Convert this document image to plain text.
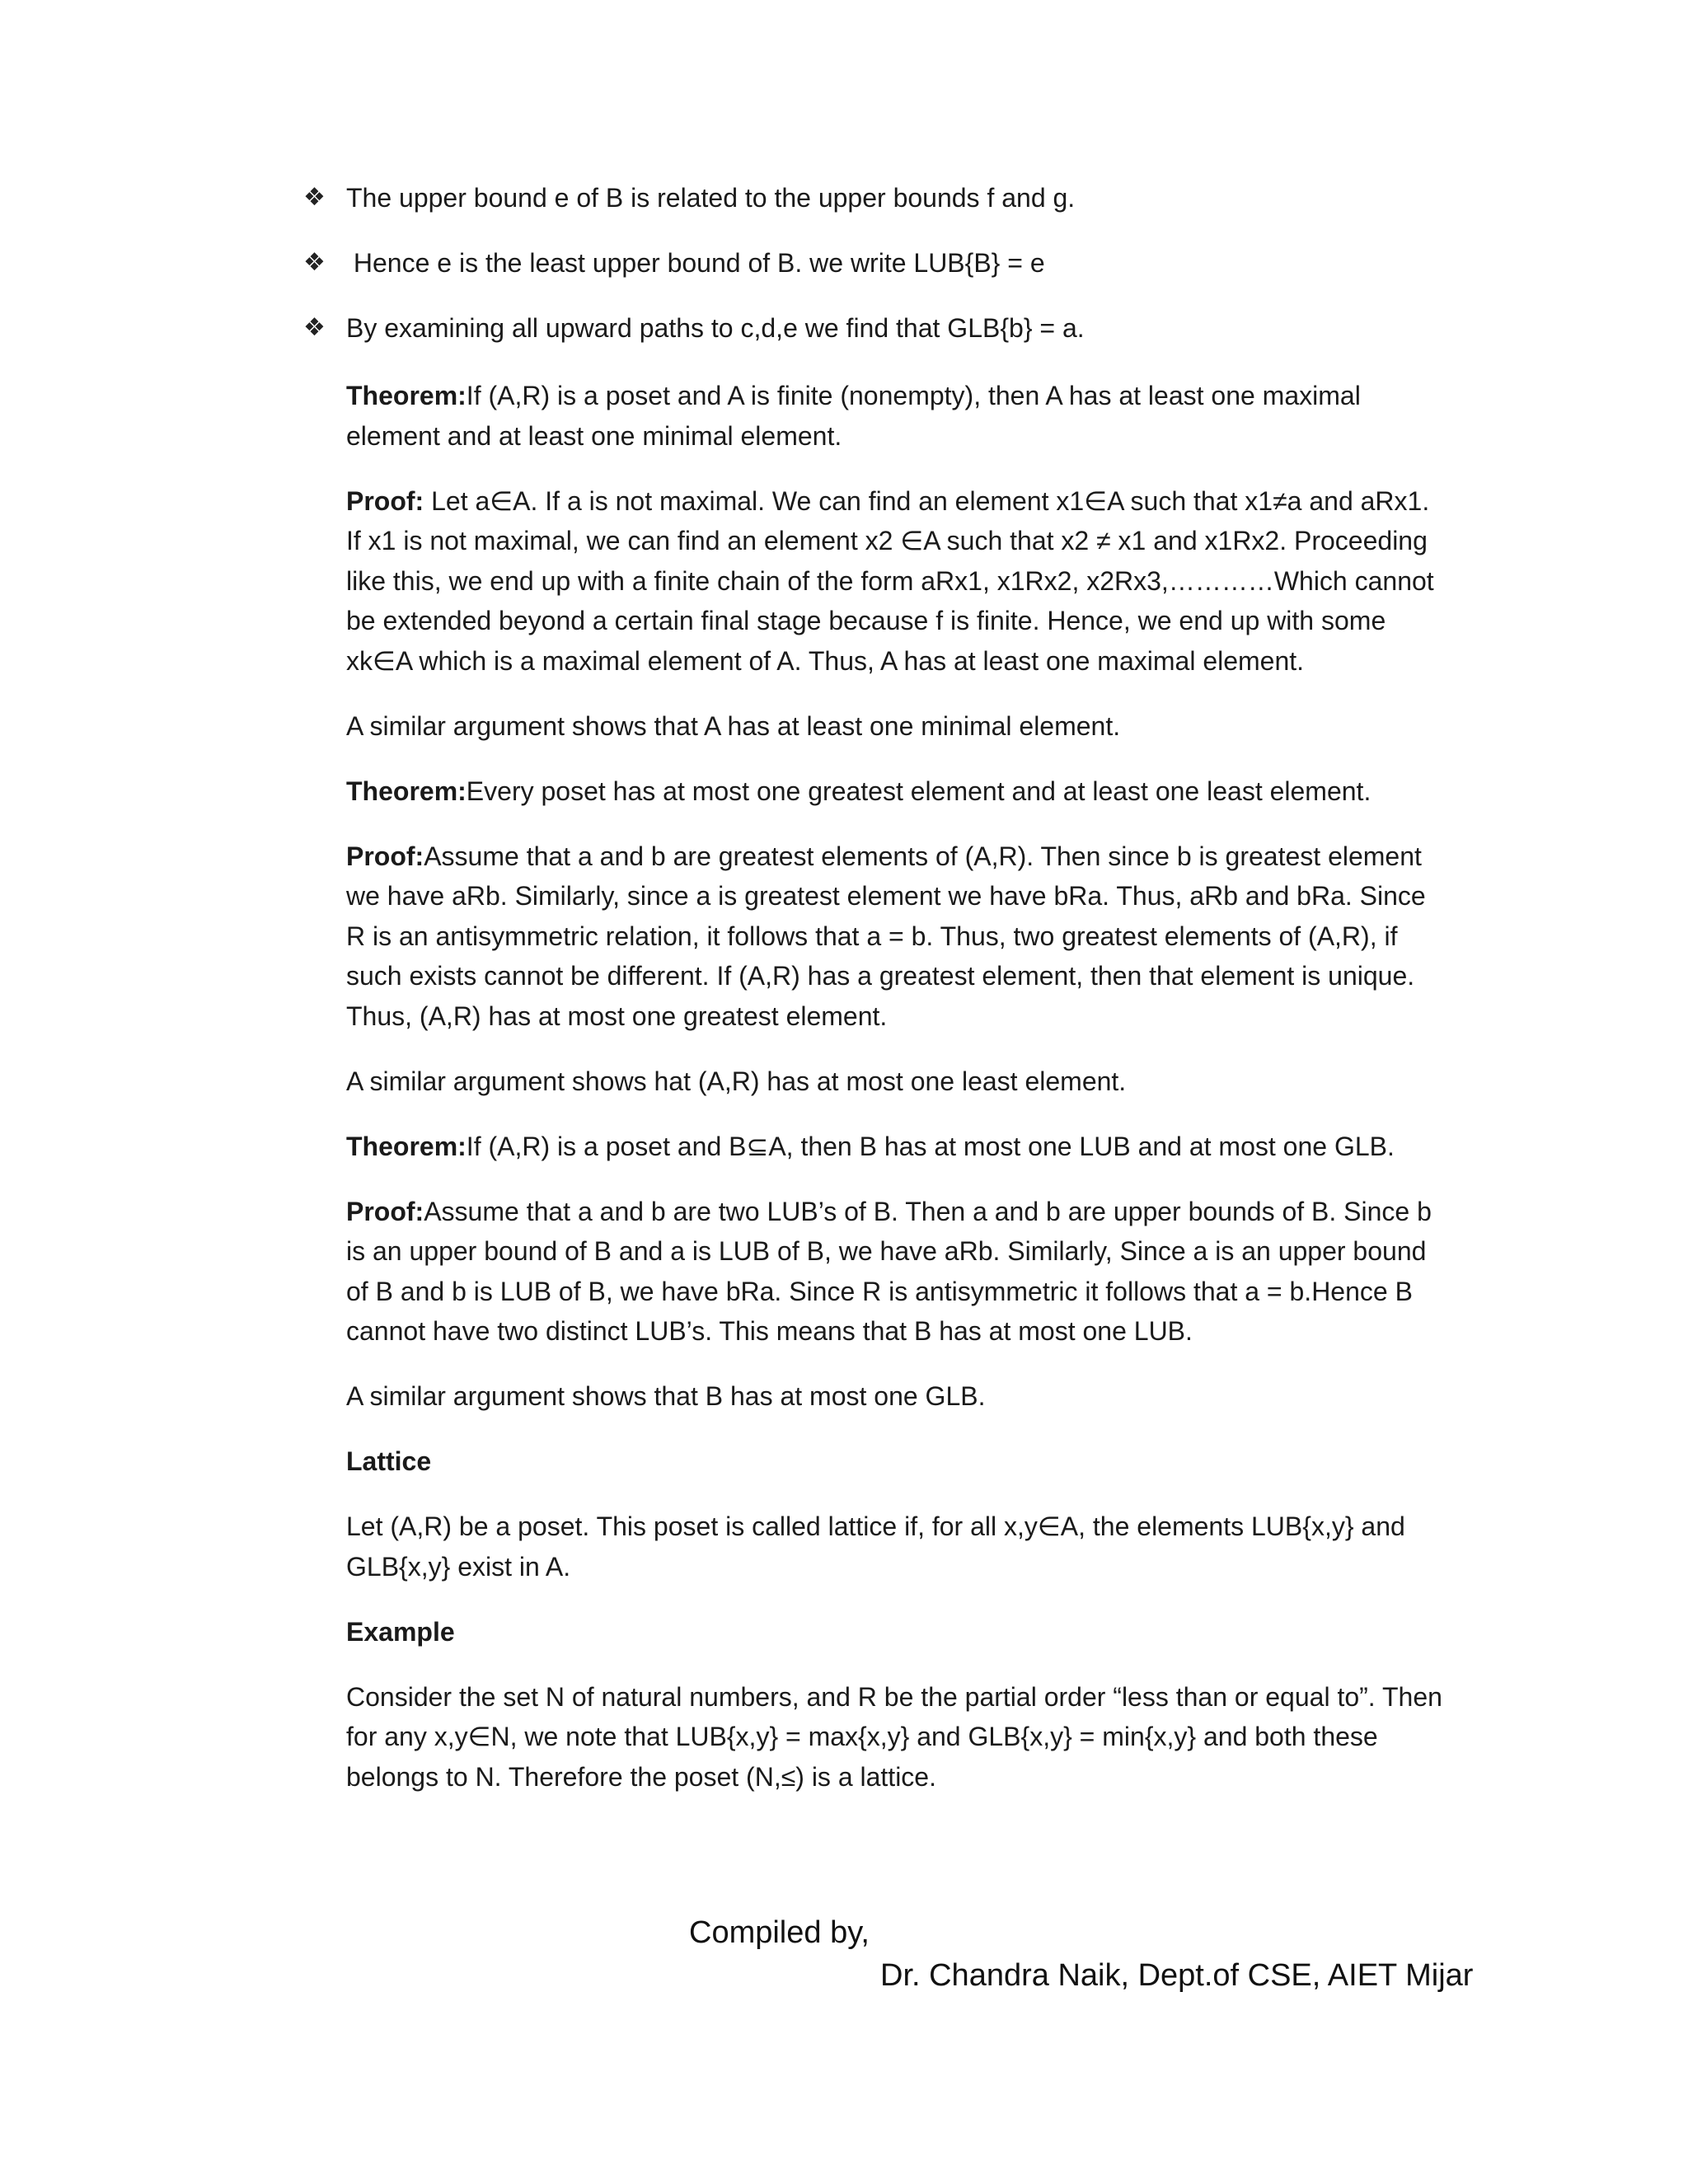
❖ The upper bound e of B is related to the upper bounds f and g.
❖ Hence e is the least upper bound of B. we write LUB{B} = e
❖ By examining all upward paths to c,d,e we find that GLB{b} = a.

Theorem:If (A,R) is a poset and A is finite (nonempty), then A has at least one maximal element and at least one minimal element.

Proof: Let a∈A. If a is not maximal. We can find an element x1∈A such that x1≠a and aRx1. If x1 is not maximal, we can find an element x2 ∈A such that x2 ≠ x1 and x1Rx2. Proceeding like this, we end up with a finite chain of the form aRx1, x1Rx2, x2Rx3,…………Which cannot be extended beyond a certain final stage because f is finite. Hence, we end up with some xk∈A which is a maximal element of A. Thus, A has at least one maximal element.

A similar argument shows that A has at least one minimal element.

Theorem:Every poset has at most one greatest element and at least one least element.

Proof:Assume that a and b are greatest elements of (A,R). Then since b is greatest element we have aRb. Similarly, since a is greatest element we have bRa. Thus, aRb and bRa. Since R is an antisymmetric relation, it follows that a = b. Thus, two greatest elements of (A,R), if such exists cannot be different. If (A,R) has a greatest element, then that element is unique. Thus, (A,R) has at most one greatest element.

A similar argument shows hat (A,R) has at most one least element.

Theorem:If (A,R) is a poset and B⊆A, then B has at most one LUB and at most one GLB.

Proof:Assume that a and b are two LUB’s of B. Then a and b are upper bounds of B. Since b is an upper bound of B and a is LUB of B, we have aRb. Similarly, Since a is an upper bound of B and b is LUB of B, we have bRa. Since R is antisymmetric it follows that a = b.Hence B cannot have two distinct LUB’s. This means that B has at most one LUB.

A similar argument shows that B has at most one GLB.

Lattice

Let (A,R) be a poset. This poset is called lattice if, for all x,y∈A, the elements LUB{x,y} and GLB{x,y} exist in A.

Example

Consider the set N of natural numbers, and R be the partial order “less than or equal to”. Then for any x,y∈N, we note that LUB{x,y} = max{x,y} and GLB{x,y} = min{x,y} and both these belongs to N. Therefore the poset (N,≤) is a lattice.

Compiled by,
Dr. Chandra Naik, Dept.of CSE, AIET Mijar
